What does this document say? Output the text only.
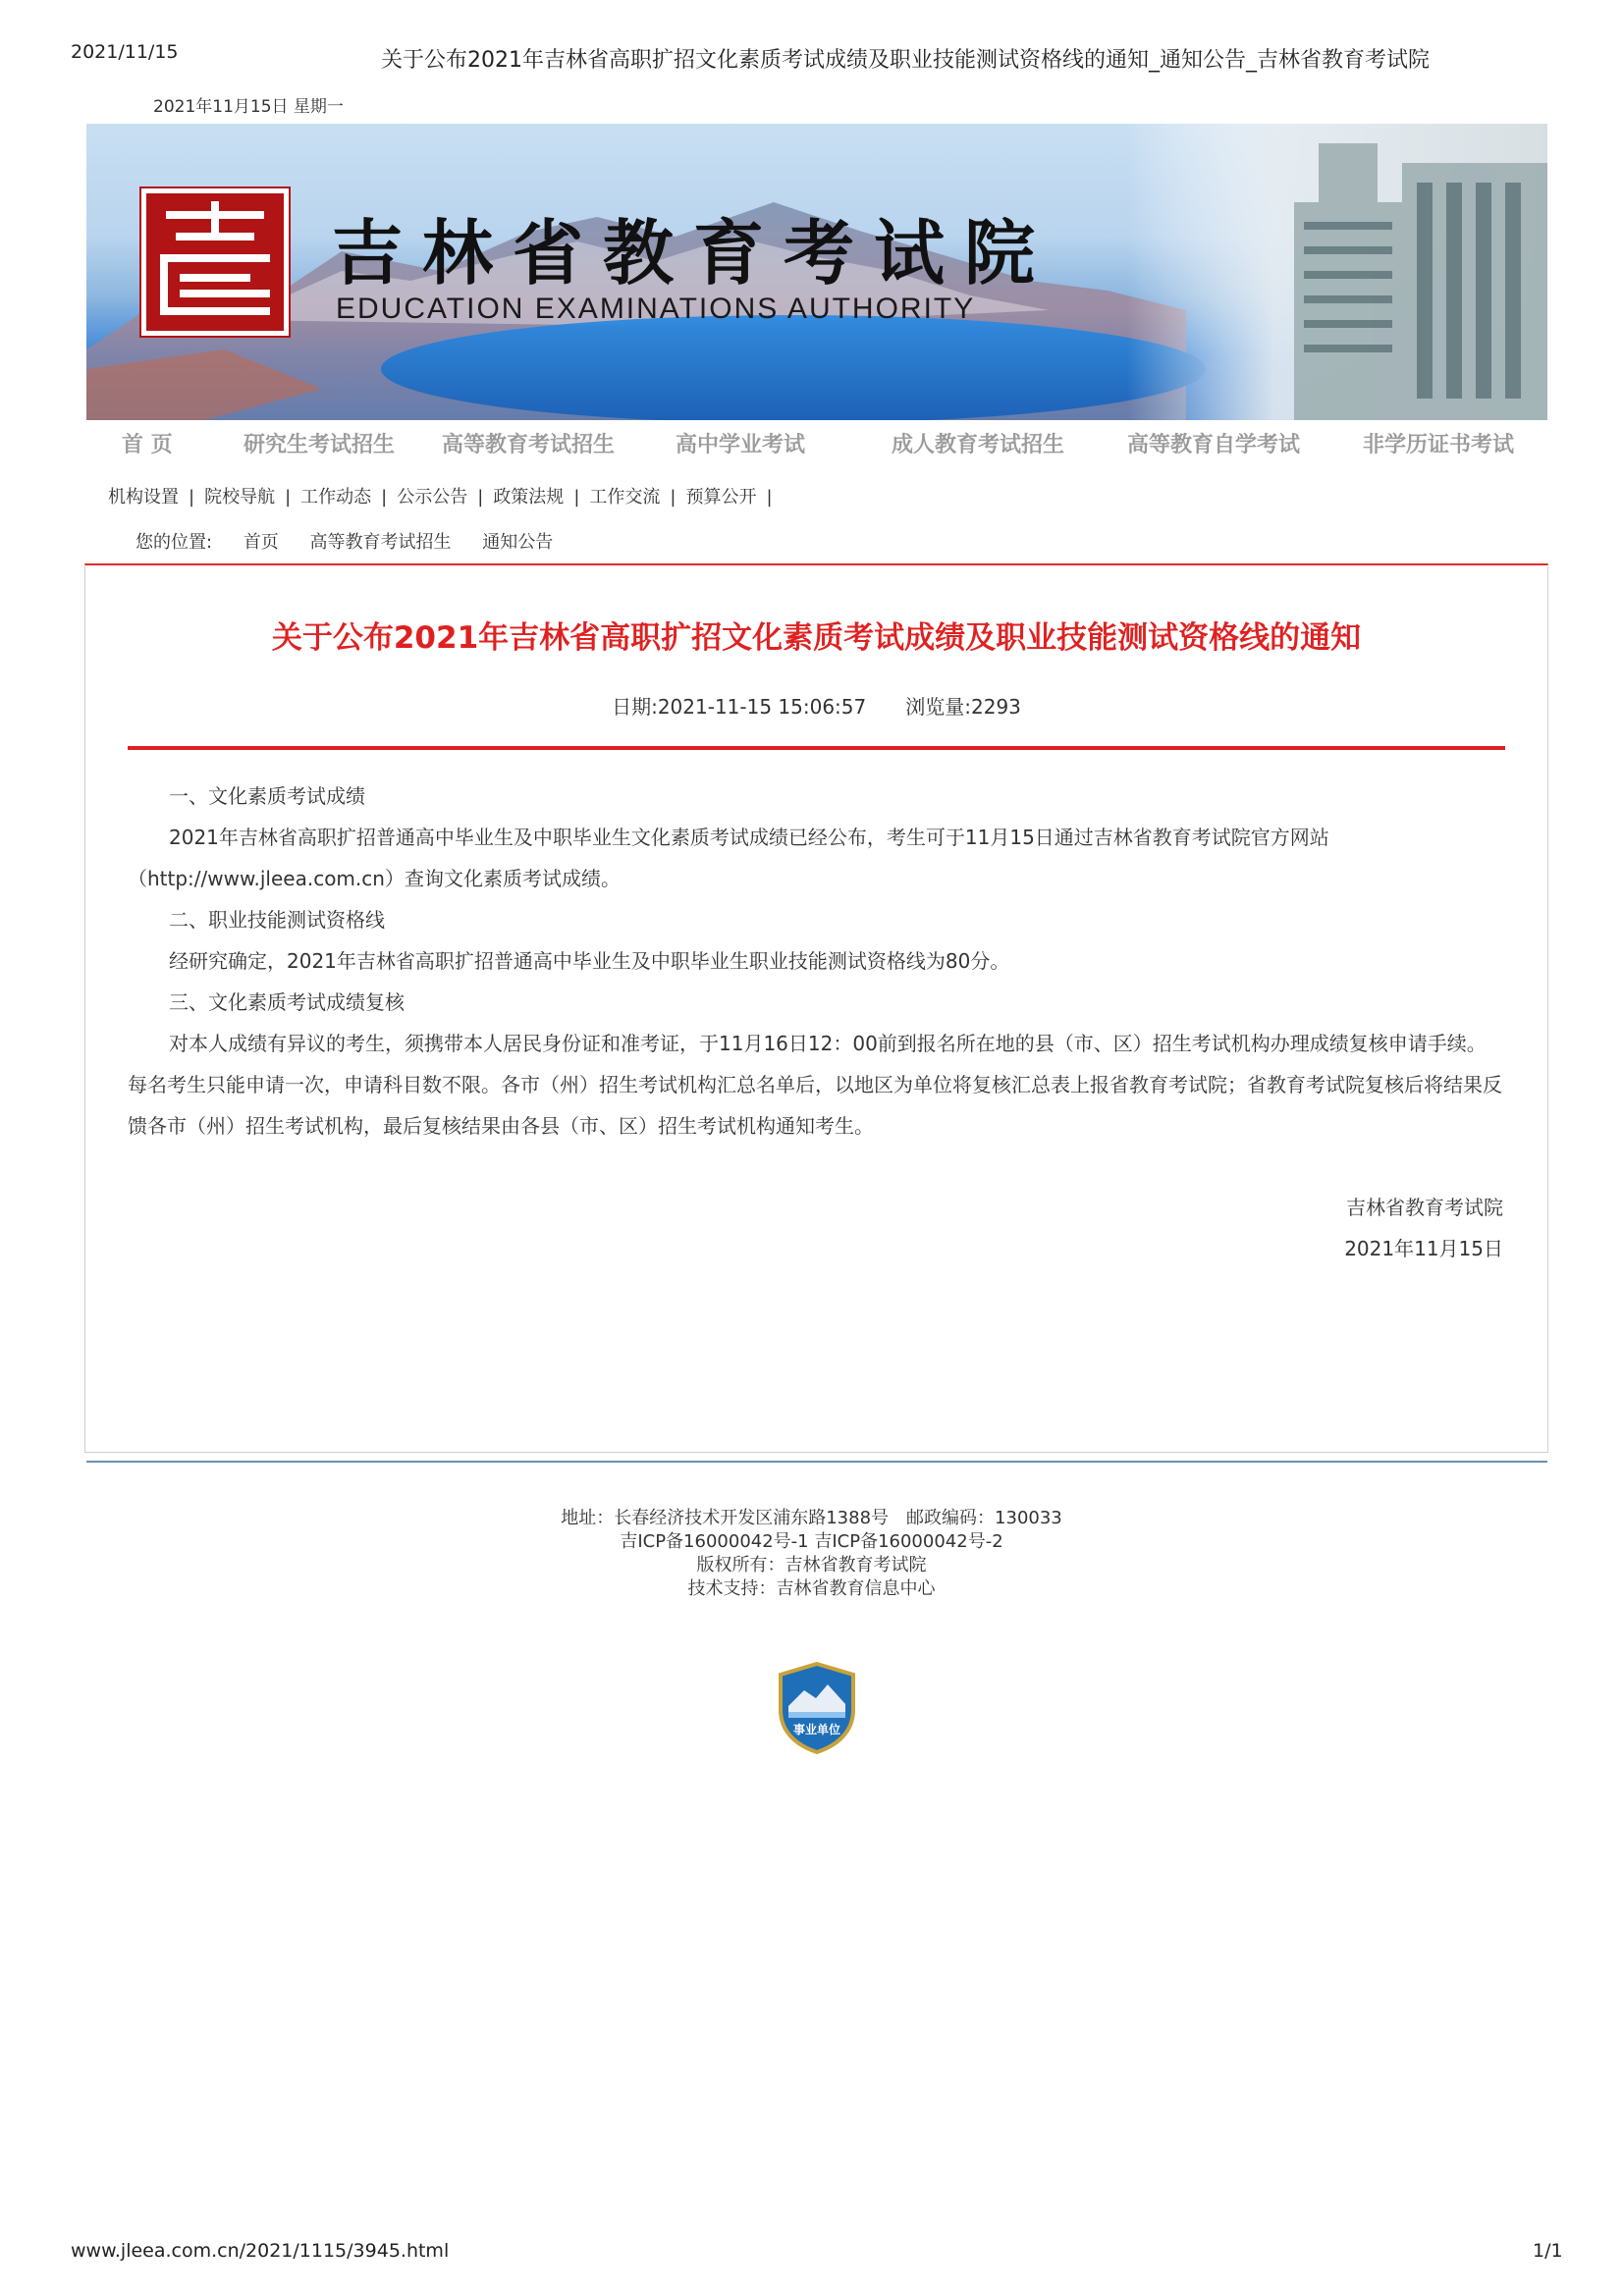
2021/11/15	关于公布2021年吉林省高职扩招文化素质考试成绩及职业技能测试资格线的通知_通知公告_吉林省教育考试院
2021年11月15日 星期一
吉林省教育考试院
EDUCATION EXAMINATIONS AUTHORITY
首 页	研究生考试招生 高等教育考试招生	高中学业考试	成人教育考试招生	高等教育自学考试	非学历证书考试
机构设置 | 院校导航 | 工作动态 | 公示公告 | 政策法规 | 工作交流 | 预算公开 |
您的位置: 首页 高等教育考试招生 通知公告
关于公布2021年吉林省高职扩招文化素质考试成绩及职业技能测试资格线的通知
日期:2021-11-15 15:06:57 浏览量:2293
一、文化素质考试成绩
2021年吉林省高职扩招普通高中毕业生及中职毕业生文化素质考试成绩已经公布，考生可于11月15日通过吉林省教育考试院官方网站（http://www.jleea.com.cn）查询文化素质考试成绩。
二、职业技能测试资格线
经研究确定，2021年吉林省高职扩招普通高中毕业生及中职毕业生职业技能测试资格线为80分。
三、文化素质考试成绩复核
对本人成绩有异议的考生，须携带本人居民身份证和准考证，于11月16日12：00前到报名所在地的县（市、区）招生考试机构办理成绩复核申请手续。每名考生只能申请一次，申请科目数不限。各市（州）招生考试机构汇总名单后，以地区为单位将复核汇总表上报省教育考试院；省教育考试院复核后将结果反馈各市（州）招生考试机构，最后复核结果由各县（市、区）招生考试机构通知考生。
吉林省教育考试院
2021年11月15日
地址：长春经济技术开发区浦东路1388号　邮政编码：130033
吉ICP备16000042号-1 吉ICP备16000042号-2
版权所有：吉林省教育考试院
技术支持：吉林省教育信息中心
事业单位
www.jleea.com.cn/2021/1115/3945.html	1/1
